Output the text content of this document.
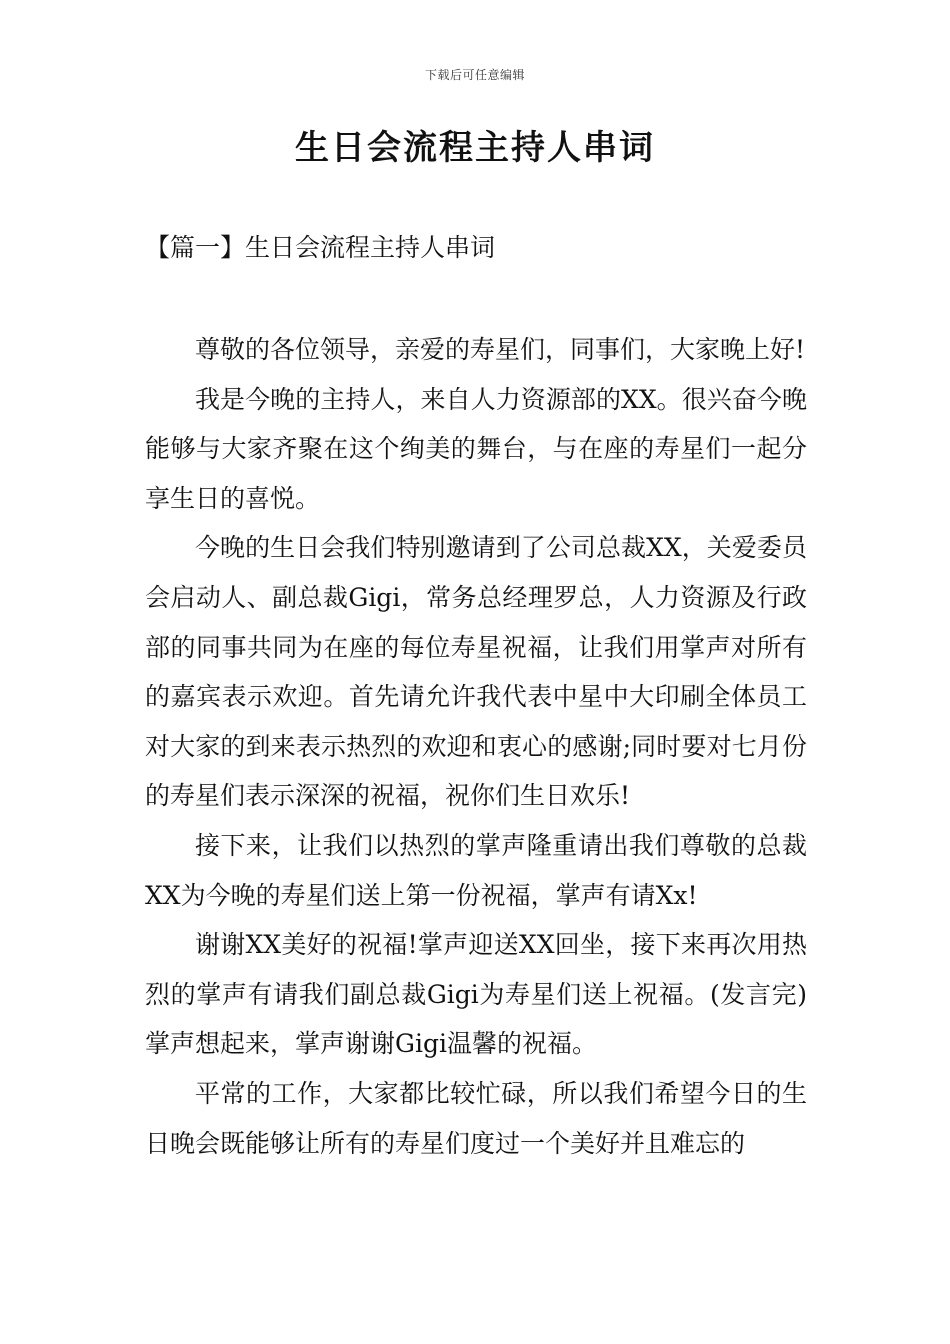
下载后可任意编辑
生日会流程主持人串词
【篇一】生日会流程主持人串词

尊敬的各位领导，亲爱的寿星们，同事们，大家晚上好!

我是今晚的主持人，来自人力资源部的XX。很兴奋今晚能够与大家齐聚在这个绚美的舞台，与在座的寿星们一起分享生日的喜悦。

今晚的生日会我们特别邀请到了公司总裁XX，关爱委员会启动人、副总裁Gigi，常务总经理罗总，人力资源及行政部的同事共同为在座的每位寿星祝福，让我们用掌声对所有的嘉宾表示欢迎。首先请允许我代表中星中大印刷全体员工对大家的到来表示热烈的欢迎和衷心的感谢;同时要对七月份的寿星们表示深深的祝福，祝你们生日欢乐!

接下来，让我们以热烈的掌声隆重请出我们尊敬的总裁XX为今晚的寿星们送上第一份祝福，掌声有请Xx!

谢谢XX美好的祝福!掌声迎送XX回坐，接下来再次用热烈的掌声有请我们副总裁Gigi为寿星们送上祝福。(发言完)掌声想起来，掌声谢谢Gigi温馨的祝福。

平常的工作，大家都比较忙碌，所以我们希望今日的生日晚会既能够让所有的寿星们度过一个美好并且难忘的
